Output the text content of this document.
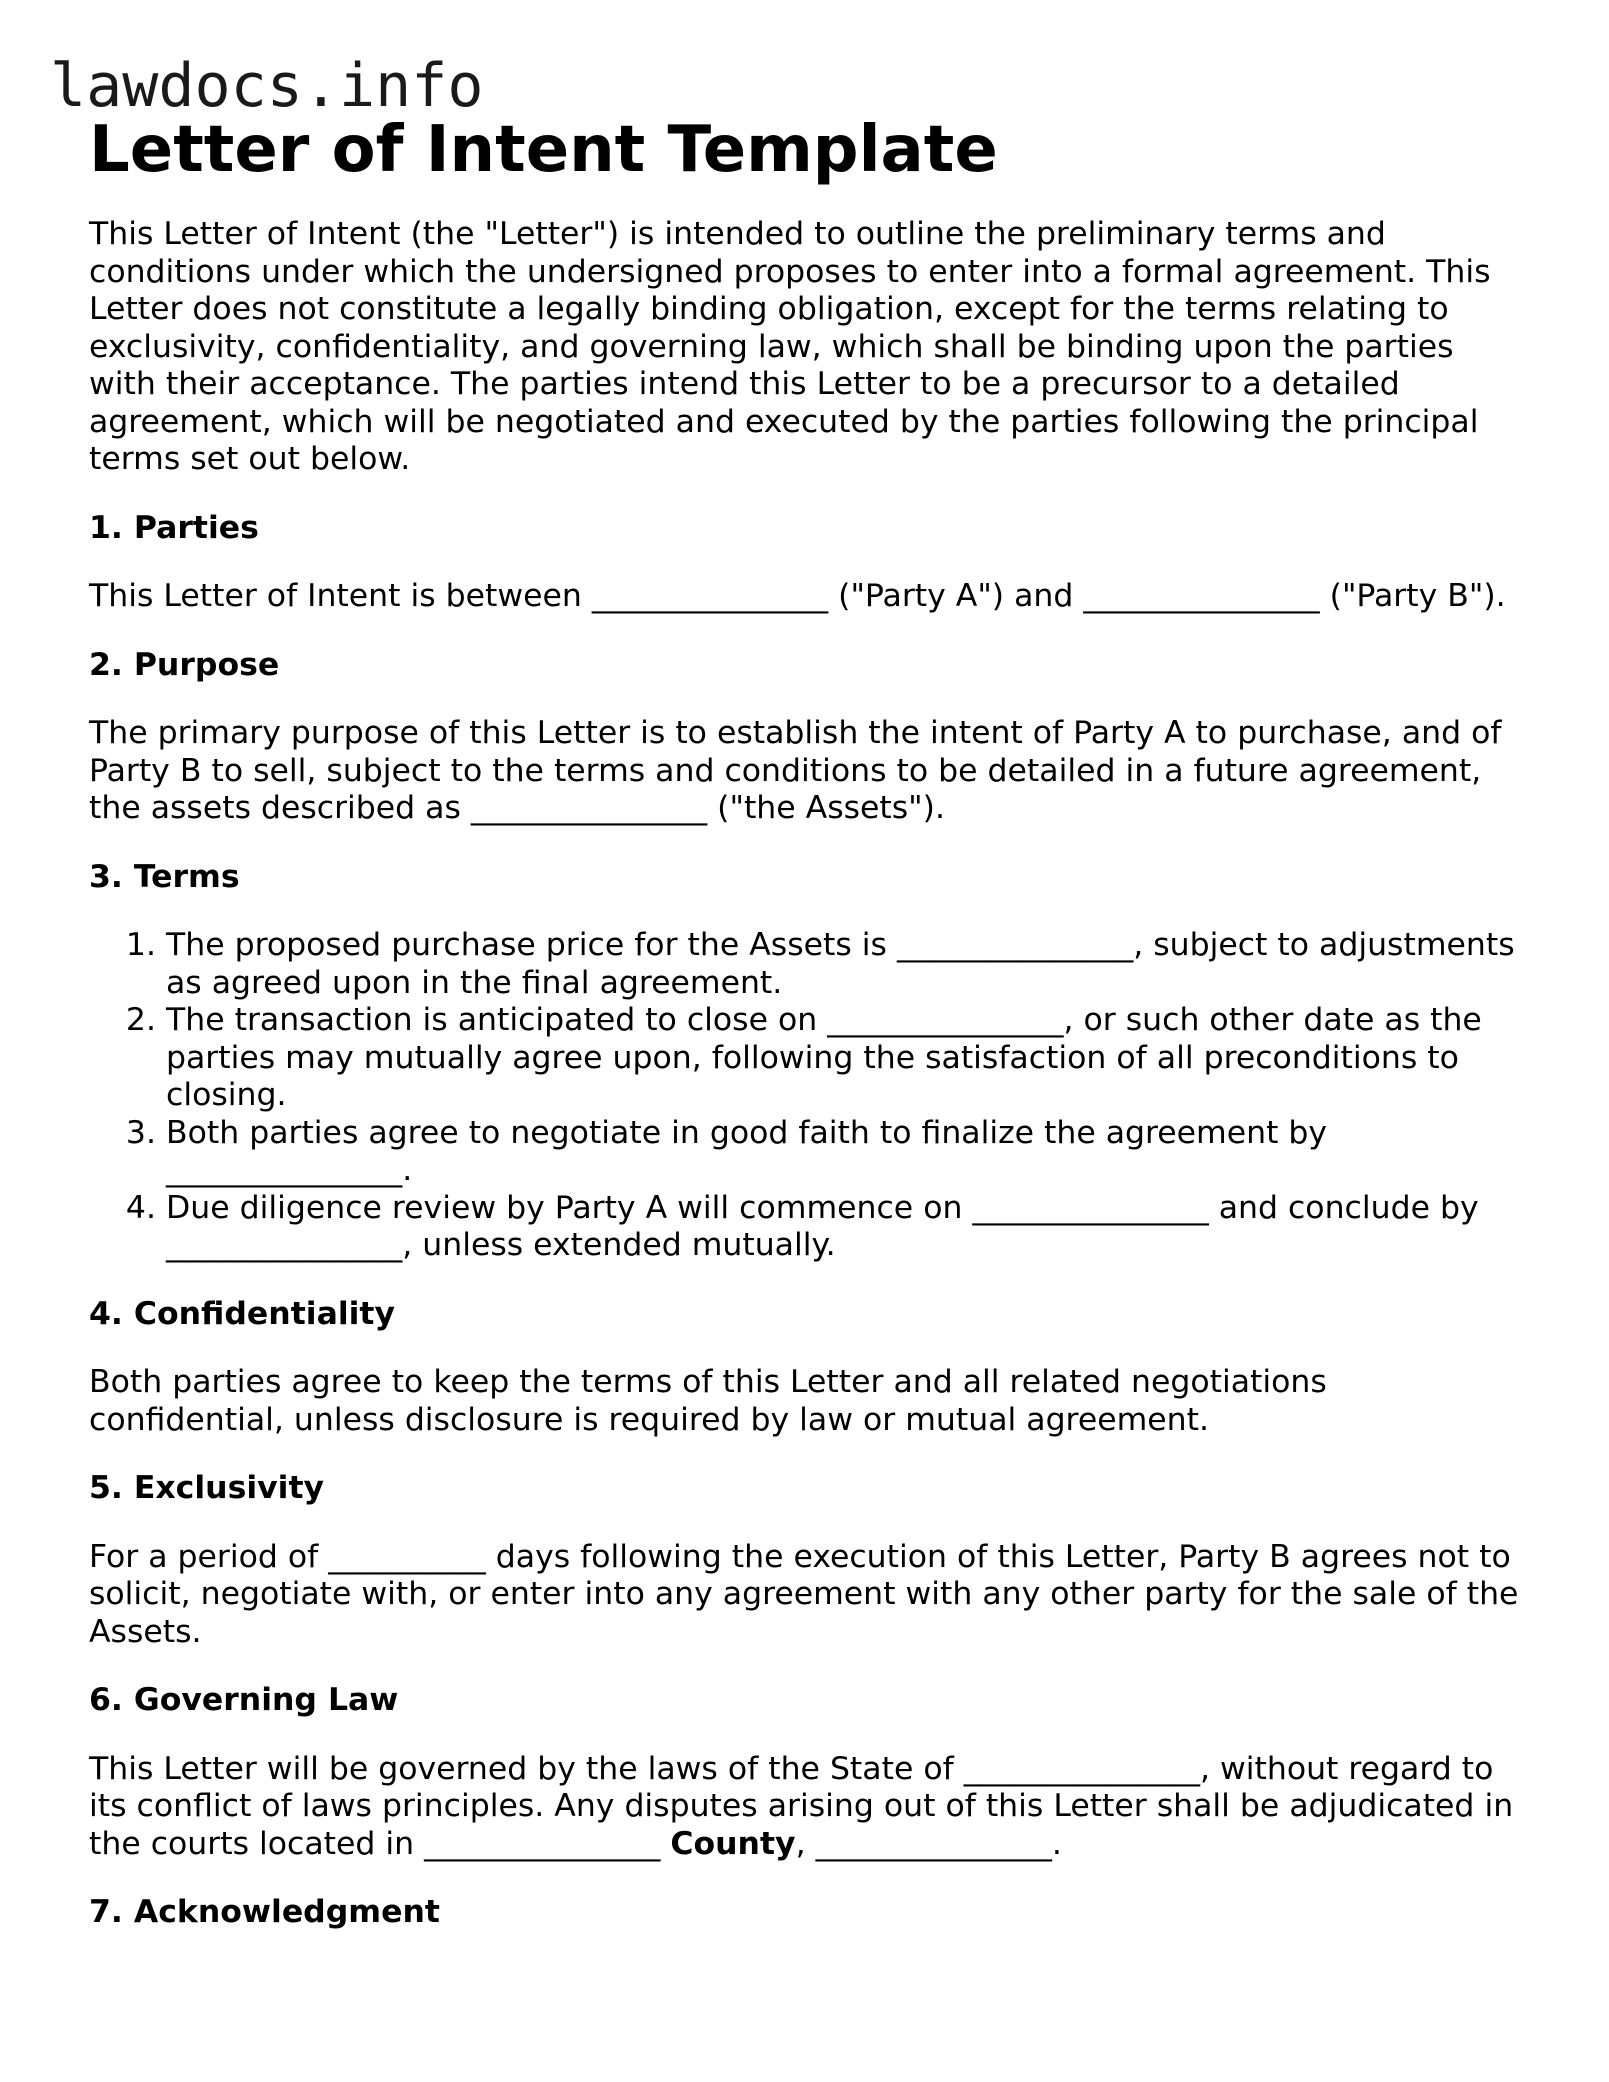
lawdocs.info
Letter of Intent Template

This Letter of Intent (the "Letter") is intended to outline the preliminary terms and conditions under which the undersigned proposes to enter into a formal agreement. This Letter does not constitute a legally binding obligation, except for the terms relating to exclusivity, confidentiality, and governing law, which shall be binding upon the parties with their acceptance. The parties intend this Letter to be a precursor to a detailed agreement, which will be negotiated and executed by the parties following the principal terms set out below.

1. Parties

This Letter of Intent is between _______________ ("Party A") and _______________ ("Party B").

2. Purpose

The primary purpose of this Letter is to establish the intent of Party A to purchase, and of Party B to sell, subject to the terms and conditions to be detailed in a future agreement, the assets described as _______________ ("the Assets").

3. Terms
1. The proposed purchase price for the Assets is _______________, subject to adjustments as agreed upon in the final agreement.
2. The transaction is anticipated to close on _______________, or such other date as the parties may mutually agree upon, following the satisfaction of all preconditions to closing.
3. Both parties agree to negotiate in good faith to finalize the agreement by _______________.
4. Due diligence review by Party A will commence on _______________ and conclude by _______________, unless extended mutually.
4. Confidentiality

Both parties agree to keep the terms of this Letter and all related negotiations confidential, unless disclosure is required by law or mutual agreement.

5. Exclusivity

For a period of __________ days following the execution of this Letter, Party B agrees not to solicit, negotiate with, or enter into any agreement with any other party for the sale of the Assets.

6. Governing Law

This Letter will be governed by the laws of the State of _______________, without regard to its conflict of laws principles. Any disputes arising out of this Letter shall be adjudicated in the courts located in _______________ County, _______________.

7. Acknowledgment
